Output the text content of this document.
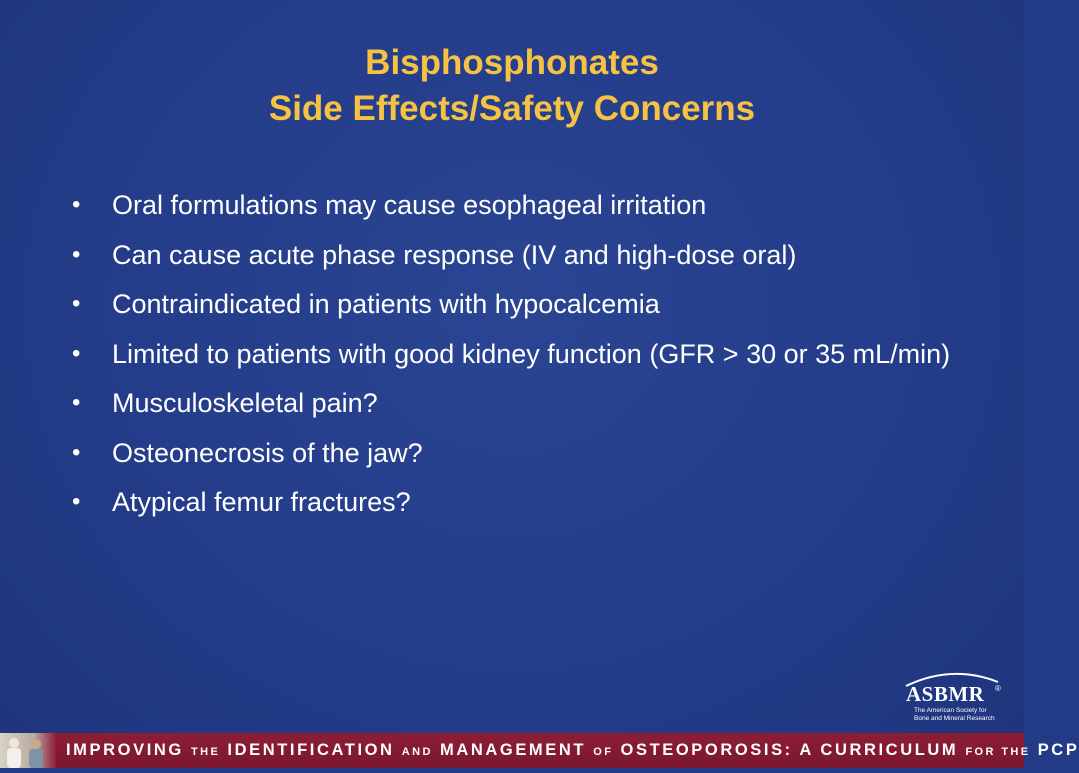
Bisphosphonates
Side Effects/Safety Concerns
• Oral formulations may cause esophageal irritation
• Can cause acute phase response (IV and high-dose oral)
• Contraindicated in patients with hypocalcemia
• Limited to patients with good kidney function (GFR > 30 or 35 mL/min)
• Musculoskeletal pain?
• Osteonecrosis of the jaw?
• Atypical femur fractures?
ASBMR ®
The American Society for
Bone and Mineral Research
IMPROVING THE IDENTIFICATION AND MANAGEMENT OF OSTEOPOROSIS: A CURRICULUM FOR THE PCP
